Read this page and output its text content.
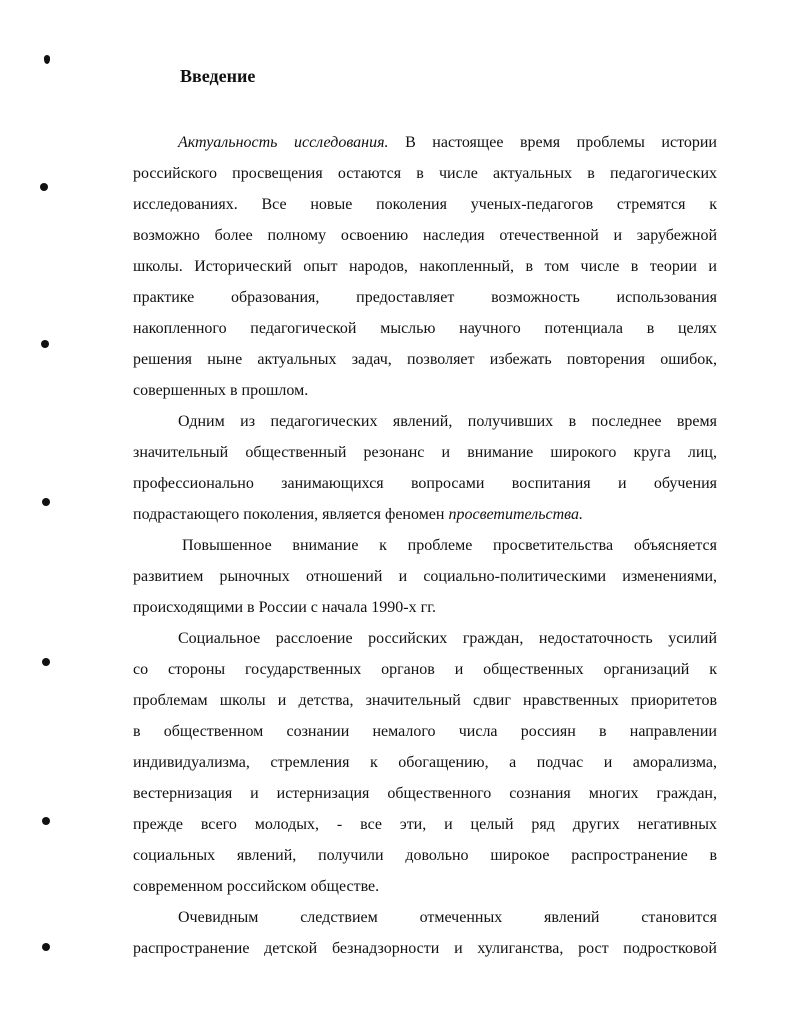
Введение
Актуальность исследования. В настоящее время проблемы истории
российского просвещения остаются в числе актуальных в педагогических
исследованиях. Все новые поколения ученых-педагогов стремятся к
возможно более полному освоению наследия отечественной и зарубежной
школы. Исторический опыт народов, накопленный, в том числе в теории и
практике образования, предоставляет возможность использования
накопленного педагогической мыслью научного потенциала в целях
решения ныне актуальных задач, позволяет избежать повторения ошибок,
совершенных в прошлом.
Одним из педагогических явлений, получивших в последнее время
значительный общественный резонанс и внимание широкого круга лиц,
профессионально занимающихся вопросами воспитания и обучения
подрастающего поколения, является феномен просветительства.
Повышенное внимание к проблеме просветительства объясняется
развитием рыночных отношений и социально-политическими изменениями,
происходящими в России с начала 1990-х гг.
Социальное расслоение российских граждан, недостаточность усилий
со стороны государственных органов и общественных организаций к
проблемам школы и детства, значительный сдвиг нравственных приоритетов
в общественном сознании немалого числа россиян в направлении
индивидуализма, стремления к обогащению, а подчас и аморализма,
вестернизация и истернизация общественного сознания многих граждан,
прежде всего молодых, - все эти, и целый ряд других негативных
социальных явлений, получили довольно широкое распространение в
современном российском обществе.
Очевидным следствием отмеченных явлений становится
распространение детской безнадзорности и хулиганства, рост подростковой
